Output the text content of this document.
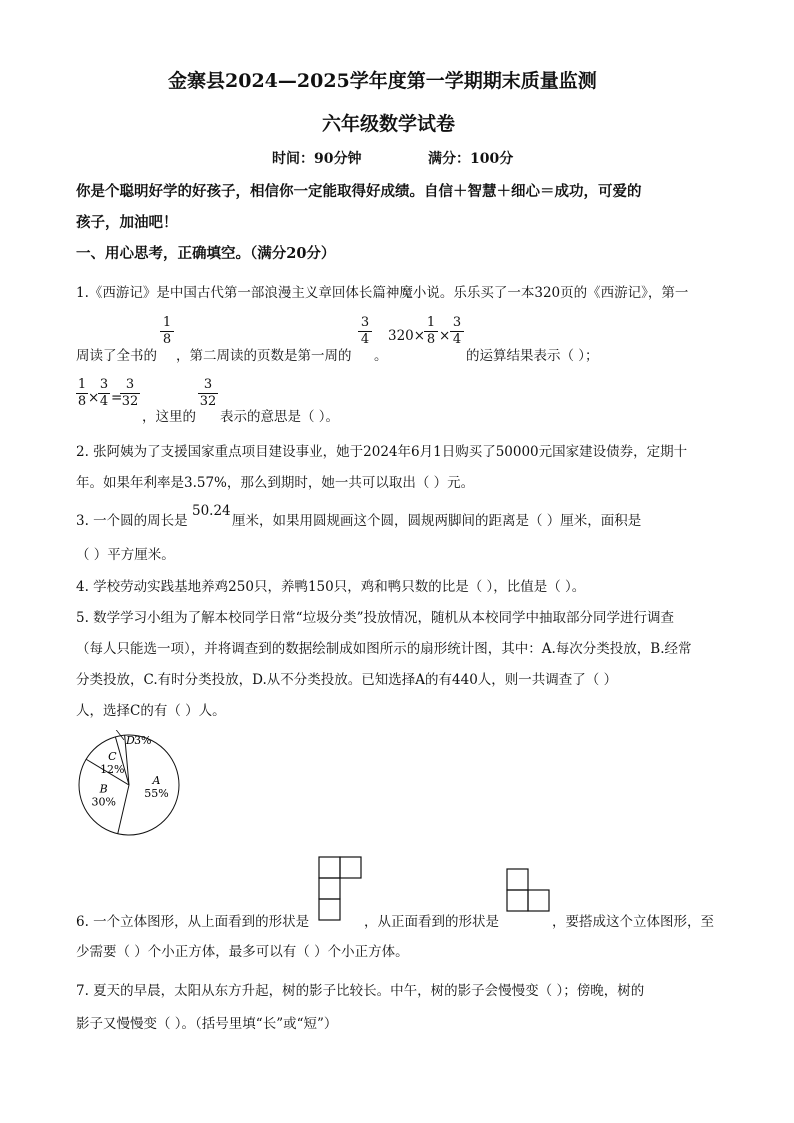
金寨县2024—2025学年度第一学期期末质量监测
六年级数学试卷
时间：90分钟	满分：100分
你是个聪明好学的好孩子，相信你一定能取得好成绩。自信＋智慧＋细心＝成功，可爱的
孩子，加油吧！
一、用心思考，正确填空。（满分20分）
1.《西游记》是中国古代第一部浪漫主义章回体长篇神魔小说。乐乐买了一本320页的《西游记》，第一
周读了全书的
1
8
，第二周读的页数是第一周的
3
4
。
320×
1
8 ×
3
4
的运算结果表示（ ）；
1
8 ×
3
4 =
3
32
，这里的
3
32
表示的意思是（ ）。
2. 张阿姨为了支援国家重点项目建设事业，她于2024年6月1日购买了50000元国家建设债券，定期十
年。如果年利率是3.57%，那么到期时，她一共可以取出（ ）元。
3. 一个圆的周长是
50.24
厘米，如果用圆规画这个圆，圆规两脚间的距离是（ ）厘米，面积是
（ ）平方厘米。
4. 学校劳动实践基地养鸡250只，养鸭150只，鸡和鸭只数的比是（ ），比值是（ ）。
5. 数学学习小组为了解本校同学日常“垃圾分类”投放情况，随机从本校同学中抽取部分同学进行调查
（每人只能选一项），并将调查到的数据绘制成如图所示的扇形统计图，其中：A.每次分类投放，B.经常
分类投放，C.有时分类投放，D.从不分类投放。已知选择A的有440人，则一共调查了（ ）
人，选择C的有（ ）人。
A
55%
B
30%
C
12%
D 3%
6. 一个立体图形，从上面看到的形状是	，从正面看到的形状是	，要搭成这个立体图形，至
少需要（ ）个小正方体，最多可以有（ ）个小正方体。
7. 夏天的早晨，太阳从东方升起，树的影子比较长。中午，树的影子会慢慢变（ ）；傍晚，树的
影子又慢慢变（ ）。（括号里填“长”或“短”）
